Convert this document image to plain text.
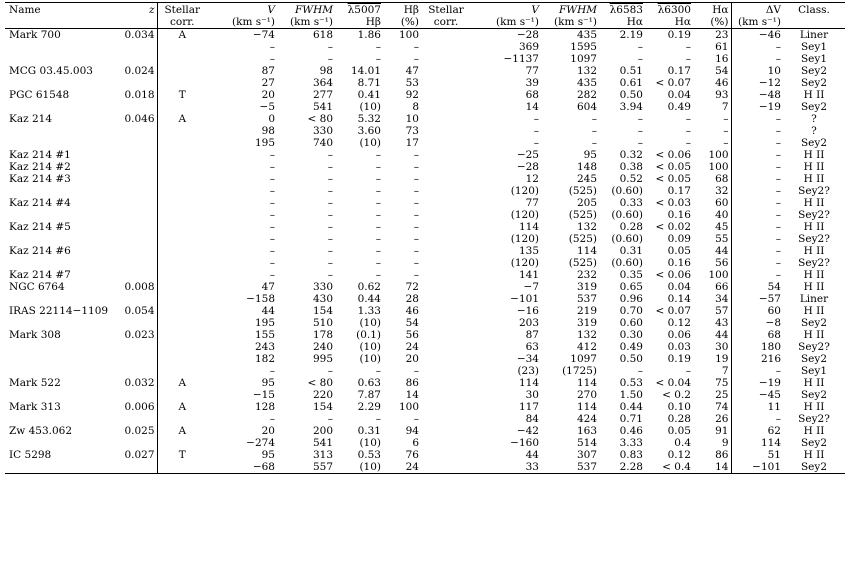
Name	z	Stellar	V	FWHM	λ5007	Hβ	Stellar	V	FWHM	λ6583	λ6300	Hα	ΔV	Class.
		corr.	(km s⁻¹)	(km s⁻¹)	Hβ	(%)	corr.	(km s⁻¹)	(km s⁻¹)	Hα	Hα	(%)	(km s⁻¹)	
Mark 700	0.034	A	−74	618	1.86	100		−28	435	2.19	0.19	23	−46	Liner
			–	–	–	–		369	1595	–	–	61	–	Sey1
			–	–	–	–		−1137	1097	–	–	16	–	Sey1
MCG 03.45.003	0.024		87	98	14.01	47		77	132	0.51	0.17	54	10	Sey2
			27	364	8.71	53		39	435	0.61	< 0.07	46	−12	Sey2
PGC 61548	0.018	T	20	277	0.41	92		68	282	0.50	0.04	93	−48	H II
			−5	541	(10)	8		14	604	3.94	0.49	7	−19	Sey2
Kaz 214	0.046	A	0	< 80	5.32	10		–	–	–	–	–	–	?
			98	330	3.60	73		–	–	–	–	–	–	?
			195	740	(10)	17		–	–	–	–	–	–	Sey2
Kaz 214 #1			–	–	–	–		−25	95	0.32	< 0.06	100	–	H II
Kaz 214 #2			–	–	–	–		−28	148	0.38	< 0.05	100	–	H II
Kaz 214 #3			–	–	–	–		12	245	0.52	< 0.05	68	–	H II
			–	–	–	–		(120)	(525)	(0.60)	0.17	32	–	Sey2?
Kaz 214 #4			–	–	–	–		77	205	0.33	< 0.03	60	–	H II
			–	–	–	–		(120)	(525)	(0.60)	0.16	40	–	Sey2?
Kaz 214 #5			–	–	–	–		114	132	0.28	< 0.02	45	–	H II
			–	–	–	–		(120)	(525)	(0.60)	0.09	55	–	Sey2?
Kaz 214 #6			–	–	–	–		135	114	0.31	0.05	44	–	H II
			–	–	–	–		(120)	(525)	(0.60)	0.16	56	–	Sey2?
Kaz 214 #7			–	–	–	–		141	232	0.35	< 0.06	100	–	H II
NGC 6764	0.008		47	330	0.62	72		−7	319	0.65	0.04	66	54	H II
			−158	430	0.44	28		−101	537	0.96	0.14	34	−57	Liner
IRAS 22114−1109	0.054		44	154	1.33	46		−16	219	0.70	< 0.07	57	60	H II
			195	510	(10)	54		203	319	0.60	0.12	43	−8	Sey2
Mark 308	0.023		155	178	(0.1)	56		87	132	0.30	0.06	44	68	H II
			243	240	(10)	24		63	412	0.49	0.03	30	180	Sey2?
			182	995	(10)	20		−34	1097	0.50	0.19	19	216	Sey2
			–	–	–	–		(23)	(1725)	–	–	7	–	Sey1
Mark 522	0.032	A	95	< 80	0.63	86		114	114	0.53	< 0.04	75	−19	H II
			−15	220	7.87	14		30	270	1.50	< 0.2	25	−45	Sey2
Mark 313	0.006	A	128	154	2.29	100		117	114	0.44	0.10	74	11	H II
			–	–	–	–		84	424	0.71	0.28	26	–	Sey2?
Zw 453.062	0.025	A	20	200	0.31	94		−42	163	0.46	0.05	91	62	H II
			−274	541	(10)	6		−160	514	3.33	0.4	9	114	Sey2
IC 5298	0.027	T	95	313	0.53	76		44	307	0.83	0.12	86	51	H II
			−68	557	(10)	24		33	537	2.28	< 0.4	14	−101	Sey2
